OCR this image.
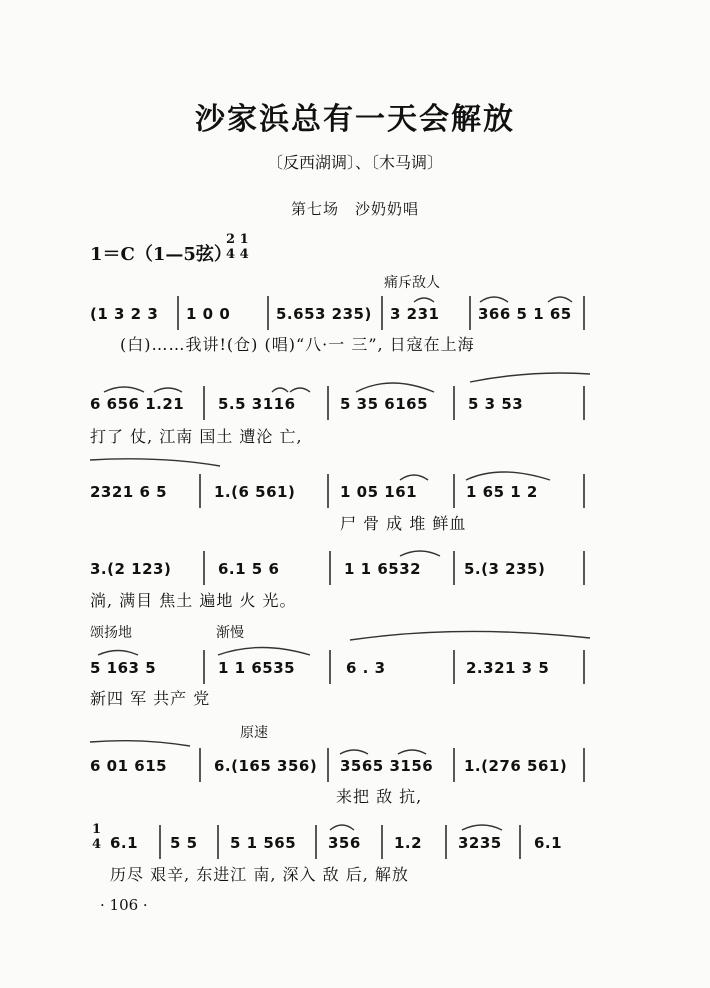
沙家浜总有一天会解放
〔反西湖调〕、〔木马调〕
第七场　沙奶奶唱
1＝C（1—5弦）
2 1
4 4
痛斥敌人
颂扬地	渐慢
原速
(1 3 2 3 1 0 0	5.653 235) 3 231	366 5 1 65
(白)……我讲!(仓) (唱)“八·一 三”, 日寇在上海
6 656 1.21 5.5 3116	5 35 6165	5 3 53
打了 仗, 江南 国土 遭沦 亡,
2321 6 5	1.(6 561)	1 05 161	1 65 1 2
尸 骨 成 堆 鲜血
3.(2 123)	6.1 5 6	1 1 6532	5.(3 235)
淌, 满目 焦土 遍地 火 光。
5 163 5	1 1 6535	6 . 3	2.321 3 5
新四 军 共产 党
6 01 615	6.(165 356) 3565 3156 1.(276 561)
来把 敌 抗,
1
4 6.1 5 5 5 1 565 356 1.2 3235 6.1
历尽 艰辛, 东进江 南, 深入 敌 后, 解放
· 106 ·
